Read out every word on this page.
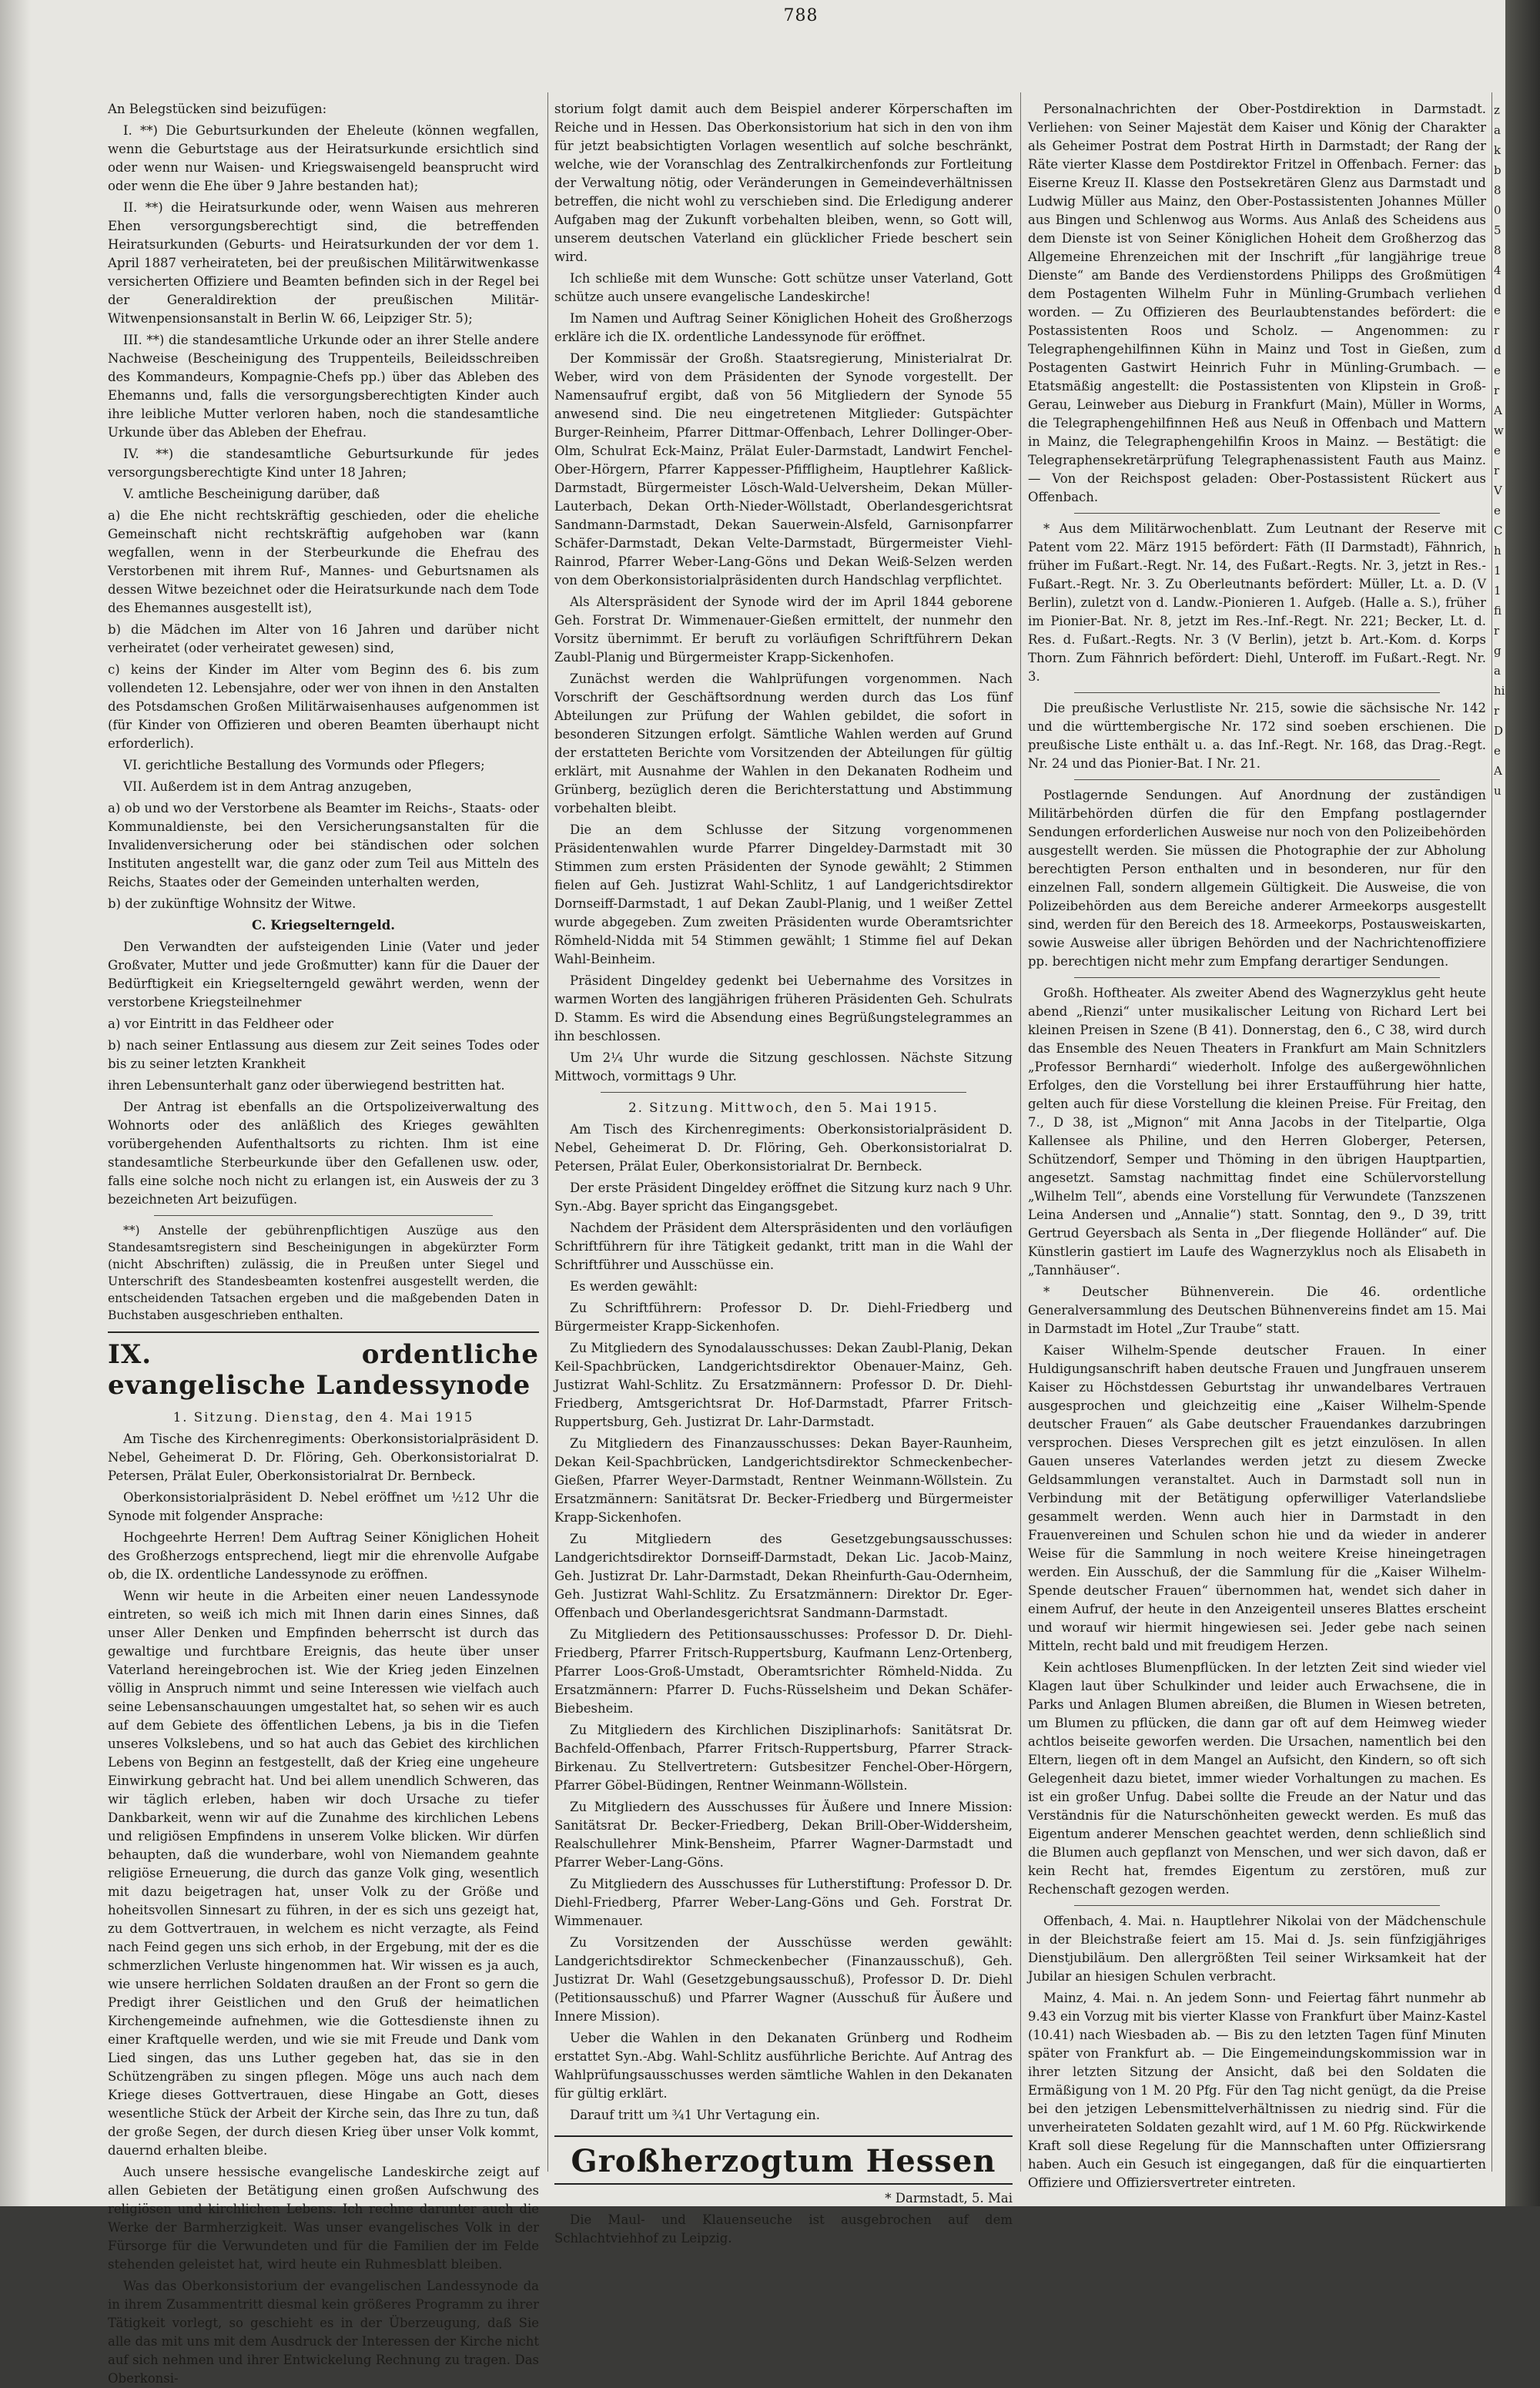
788

An Belegstücken sind beizufügen:

I. **) Die Geburtsurkunden der Eheleute (können wegfallen, wenn die Geburtstage aus der Heiratsurkunde ersichtlich sind oder wenn nur Waisen- und Kriegswaisengeld beansprucht wird oder wenn die Ehe über 9 Jahre bestanden hat);

II. **) die Heiratsurkunde oder, wenn Waisen aus mehreren Ehen versorgungsberechtigt sind, die betreffenden Heiratsurkunden (Geburts- und Heiratsurkunden der vor dem 1. April 1887 verheirateten, bei der preußischen Militärwitwenkasse versicherten Offiziere und Beamten befinden sich in der Regel bei der Generaldirektion der preußischen Militär-Witwenpensionsanstalt in Berlin W. 66, Leipziger Str. 5);

III. **) die standesamtliche Urkunde oder an ihrer Stelle andere Nachweise (Bescheinigung des Truppenteils, Beileidsschreiben des Kommandeurs, Kompagnie-Chefs pp.) über das Ableben des Ehemanns und, falls die versorgungsberechtigten Kinder auch ihre leibliche Mutter verloren haben, noch die standesamtliche Urkunde über das Ableben der Ehefrau.

IV. **) die standesamtliche Geburtsurkunde für jedes versorgungsberechtigte Kind unter 18 Jahren;

V. amtliche Bescheinigung darüber, daß

a) die Ehe nicht rechtskräftig geschieden, oder die eheliche Gemeinschaft nicht rechtskräftig aufgehoben war (kann wegfallen, wenn in der Sterbeurkunde die Ehefrau des Verstorbenen mit ihrem Ruf-, Mannes- und Geburtsnamen als dessen Witwe bezeichnet oder die Heiratsurkunde nach dem Tode des Ehemannes ausgestellt ist),

b) die Mädchen im Alter von 16 Jahren und darüber nicht verheiratet (oder verheiratet gewesen) sind,

c) keins der Kinder im Alter vom Beginn des 6. bis zum vollendeten 12. Lebensjahre, oder wer von ihnen in den Anstalten des Potsdamschen Großen Militärwaisenhauses aufgenommen ist (für Kinder von Offizieren und oberen Beamten überhaupt nicht erforderlich).

VI. gerichtliche Bestallung des Vormunds oder Pflegers;

VII. Außerdem ist in dem Antrag anzugeben,

a) ob und wo der Verstorbene als Beamter im Reichs-, Staats- oder Kommunaldienste, bei den Versicherungsanstalten für die Invalidenversicherung oder bei ständischen oder solchen Instituten angestellt war, die ganz oder zum Teil aus Mitteln des Reichs, Staates oder der Gemeinden unterhalten werden,

b) der zukünftige Wohnsitz der Witwe.

C. Kriegselterngeld.

Den Verwandten der aufsteigenden Linie (Vater und jeder Großvater, Mutter und jede Großmutter) kann für die Dauer der Bedürftigkeit ein Kriegselterngeld gewährt werden, wenn der verstorbene Kriegsteilnehmer

a) vor Eintritt in das Feldheer oder

b) nach seiner Entlassung aus diesem zur Zeit seines Todes oder bis zu seiner letzten Krankheit

ihren Lebensunterhalt ganz oder überwiegend bestritten hat.

Der Antrag ist ebenfalls an die Ortspolizeiverwaltung des Wohnorts oder des anläßlich des Krieges gewählten vorübergehenden Aufenthaltsorts zu richten. Ihm ist eine standesamtliche Sterbeurkunde über den Gefallenen usw. oder, falls eine solche noch nicht zu erlangen ist, ein Ausweis der zu 3 bezeichneten Art beizufügen.

**) Anstelle der gebührenpflichtigen Auszüge aus den Standesamtsregistern sind Bescheinigungen in abgekürzter Form (nicht Abschriften) zulässig, die in Preußen unter Siegel und Unterschrift des Standesbeamten kostenfrei ausgestellt werden, die entscheidenden Tatsachen ergeben und die maßgebenden Daten in Buchstaben ausgeschrieben enthalten.

IX. ordentliche evangelische Landessynode

1. Sitzung. Dienstag, den 4. Mai 1915

Am Tische des Kirchenregiments: Oberkonsistorialpräsident D. Nebel, Geheimerat D. Dr. Flöring, Geh. Oberkonsistorialrat D. Petersen, Prälat Euler, Oberkonsistorialrat Dr. Bernbeck.

Oberkonsistorialpräsident D. Nebel eröffnet um ½12 Uhr die Synode mit folgender Ansprache:

Hochgeehrte Herren! Dem Auftrag Seiner Königlichen Hoheit des Großherzogs entsprechend, liegt mir die ehrenvolle Aufgabe ob, die IX. ordentliche Landessynode zu eröffnen.

Wenn wir heute in die Arbeiten einer neuen Landessynode eintreten, so weiß ich mich mit Ihnen darin eines Sinnes, daß unser Aller Denken und Empfinden beherrscht ist durch das gewaltige und furchtbare Ereignis, das heute über unser Vaterland hereingebrochen ist. Wie der Krieg jeden Einzelnen völlig in Anspruch nimmt und seine Interessen wie vielfach auch seine Lebensanschauungen umgestaltet hat, so sehen wir es auch auf dem Gebiete des öffentlichen Lebens, ja bis in die Tiefen unseres Volkslebens, und so hat auch das Gebiet des kirchlichen Lebens von Beginn an festgestellt, daß der Krieg eine ungeheure Einwirkung gebracht hat. Und bei allem unendlich Schweren, das wir täglich erleben, haben wir doch Ursache zu tiefer Dankbarkeit, wenn wir auf die Zunahme des kirchlichen Lebens und religiösen Empfindens in unserem Volke blicken. Wir dürfen behaupten, daß die wunderbare, wohl von Niemandem geahnte religiöse Erneuerung, die durch das ganze Volk ging, wesentlich mit dazu beigetragen hat, unser Volk zu der Größe und hoheitsvollen Sinnesart zu führen, in der es sich uns gezeigt hat, zu dem Gottvertrauen, in welchem es nicht verzagte, als Feind nach Feind gegen uns sich erhob, in der Ergebung, mit der es die schmerzlichen Verluste hingenommen hat. Wir wissen es ja auch, wie unsere herrlichen Soldaten draußen an der Front so gern die Predigt ihrer Geistlichen und den Gruß der heimatlichen Kirchengemeinde aufnehmen, wie die Gottesdienste ihnen zu einer Kraftquelle werden, und wie sie mit Freude und Dank vom Lied singen, das uns Luther gegeben hat, das sie in den Schützengräben zu singen pflegen. Möge uns auch nach dem Kriege dieses Gottvertrauen, diese Hingabe an Gott, dieses wesentliche Stück der Arbeit der Kirche sein, das Ihre zu tun, daß der große Segen, der durch diesen Krieg über unser Volk kommt, dauernd erhalten bleibe.

Auch unsere hessische evangelische Landeskirche zeigt auf allen Gebieten der Betätigung einen großen Aufschwung des religiösen und kirchlichen Lebens. Ich rechne darunter auch die Werke der Barmherzigkeit. Was unser evangelisches Volk in der Fürsorge für die Verwundeten und für die Familien der im Felde stehenden geleistet hat, wird heute ein Ruhmesblatt bleiben.

Was das Oberkonsistorium der evangelischen Landessynode da in ihrem Zusammentritt diesmal kein größeres Programm zu ihrer Tätigkeit vorlegt, so geschieht es in der Überzeugung, daß Sie alle das mit uns mit dem Ausdruck der Interessen der Kirche nicht auf sich nehmen und ihrer Entwickelung Rechnung zu tragen. Das Oberkonsi-

storium folgt damit auch dem Beispiel anderer Körperschaften im Reiche und in Hessen. Das Oberkonsistorium hat sich in den von ihm für jetzt beabsichtigten Vorlagen wesentlich auf solche beschränkt, welche, wie der Voranschlag des Zentralkirchenfonds zur Fortleitung der Verwaltung nötig, oder Veränderungen in Gemeindeverhältnissen betreffen, die nicht wohl zu verschieben sind. Die Erledigung anderer Aufgaben mag der Zukunft vorbehalten bleiben, wenn, so Gott will, unserem deutschen Vaterland ein glücklicher Friede beschert sein wird.

Ich schließe mit dem Wunsche: Gott schütze unser Vaterland, Gott schütze auch unsere evangelische Landeskirche!

Im Namen und Auftrag Seiner Königlichen Hoheit des Großherzogs erkläre ich die IX. ordentliche Landessynode für eröffnet.

Der Kommissär der Großh. Staatsregierung, Ministerialrat Dr. Weber, wird von dem Präsidenten der Synode vorgestellt. Der Namensaufruf ergibt, daß von 56 Mitgliedern der Synode 55 anwesend sind. Die neu eingetretenen Mitglieder: Gutspächter Burger-Reinheim, Pfarrer Dittmar-Offenbach, Lehrer Dollinger-Ober-Olm, Schulrat Eck-Mainz, Prälat Euler-Darmstadt, Landwirt Fenchel-Ober-Hörgern, Pfarrer Kappesser-Pfiffligheim, Hauptlehrer Kaßlick-Darmstadt, Bürgermeister Lösch-Wald-Uelversheim, Dekan Müller-Lauterbach, Dekan Orth-Nieder-Wöllstadt, Oberlandesgerichtsrat Sandmann-Darmstadt, Dekan Sauerwein-Alsfeld, Garnisonpfarrer Schäfer-Darmstadt, Dekan Velte-Darmstadt, Bürgermeister Viehl-Rainrod, Pfarrer Weber-Lang-Göns und Dekan Weiß-Selzen werden von dem Oberkonsistorialpräsidenten durch Handschlag verpflichtet.

Als Alterspräsident der Synode wird der im April 1844 geborene Geh. Forstrat Dr. Wimmenauer-Gießen ermittelt, der nunmehr den Vorsitz übernimmt. Er beruft zu vorläufigen Schriftführern Dekan Zaubl-Planig und Bürgermeister Krapp-Sickenhofen.

Zunächst werden die Wahlprüfungen vorgenommen. Nach Vorschrift der Geschäftsordnung werden durch das Los fünf Abteilungen zur Prüfung der Wahlen gebildet, die sofort in besonderen Sitzungen erfolgt. Sämtliche Wahlen werden auf Grund der erstatteten Berichte vom Vorsitzenden der Abteilungen für gültig erklärt, mit Ausnahme der Wahlen in den Dekanaten Rodheim und Grünberg, bezüglich deren die Berichterstattung und Abstimmung vorbehalten bleibt.

Die an dem Schlusse der Sitzung vorgenommenen Präsidentenwahlen wurde Pfarrer Dingeldey-Darmstadt mit 30 Stimmen zum ersten Präsidenten der Synode gewählt; 2 Stimmen fielen auf Geh. Justizrat Wahl-Schlitz, 1 auf Landgerichtsdirektor Dornseiff-Darmstadt, 1 auf Dekan Zaubl-Planig, und 1 weißer Zettel wurde abgegeben. Zum zweiten Präsidenten wurde Oberamtsrichter Römheld-Nidda mit 54 Stimmen gewählt; 1 Stimme fiel auf Dekan Wahl-Beinheim.

Präsident Dingeldey gedenkt bei Uebernahme des Vorsitzes in warmen Worten des langjährigen früheren Präsidenten Geh. Schulrats D. Stamm. Es wird die Absendung eines Begrüßungstelegrammes an ihn beschlossen.

Um 2¼ Uhr wurde die Sitzung geschlossen. Nächste Sitzung Mittwoch, vormittags 9 Uhr.

2. Sitzung. Mittwoch, den 5. Mai 1915.

Am Tisch des Kirchenregiments: Oberkonsistorialpräsident D. Nebel, Geheimerat D. Dr. Flöring, Geh. Oberkonsistorialrat D. Petersen, Prälat Euler, Oberkonsistorialrat Dr. Bernbeck.

Der erste Präsident Dingeldey eröffnet die Sitzung kurz nach 9 Uhr. Syn.-Abg. Bayer spricht das Eingangsgebet.

Nachdem der Präsident dem Alterspräsidenten und den vorläufigen Schriftführern für ihre Tätigkeit gedankt, tritt man in die Wahl der Schriftführer und Ausschüsse ein.

Es werden gewählt:

Zu Schriftführern: Professor D. Dr. Diehl-Friedberg und Bürgermeister Krapp-Sickenhofen.

Zu Mitgliedern des Synodalausschusses: Dekan Zaubl-Planig, Dekan Keil-Spachbrücken, Landgerichtsdirektor Obenauer-Mainz, Geh. Justizrat Wahl-Schlitz. Zu Ersatzmännern: Professor D. Dr. Diehl-Friedberg, Amtsgerichtsrat Dr. Hof-Darmstadt, Pfarrer Fritsch-Ruppertsburg, Geh. Justizrat Dr. Lahr-Darmstadt.

Zu Mitgliedern des Finanzausschusses: Dekan Bayer-Raunheim, Dekan Keil-Spachbrücken, Landgerichtsdirektor Schmeckenbecher-Gießen, Pfarrer Weyer-Darmstadt, Rentner Weinmann-Wöllstein. Zu Ersatzmännern: Sanitätsrat Dr. Becker-Friedberg und Bürgermeister Krapp-Sickenhofen.

Zu Mitgliedern des Gesetzgebungsausschusses: Landgerichtsdirektor Dornseiff-Darmstadt, Dekan Lic. Jacob-Mainz, Geh. Justizrat Dr. Lahr-Darmstadt, Dekan Rheinfurth-Gau-Odernheim, Geh. Justizrat Wahl-Schlitz. Zu Ersatzmännern: Direktor Dr. Eger-Offenbach und Oberlandesgerichtsrat Sandmann-Darmstadt.

Zu Mitgliedern des Petitionsausschusses: Professor D. Dr. Diehl-Friedberg, Pfarrer Fritsch-Ruppertsburg, Kaufmann Lenz-Ortenberg, Pfarrer Loos-Groß-Umstadt, Oberamtsrichter Römheld-Nidda. Zu Ersatzmännern: Pfarrer D. Fuchs-Rüsselsheim und Dekan Schäfer-Biebesheim.

Zu Mitgliedern des Kirchlichen Disziplinarhofs: Sanitätsrat Dr. Bachfeld-Offenbach, Pfarrer Fritsch-Ruppertsburg, Pfarrer Strack-Birkenau. Zu Stellvertretern: Gutsbesitzer Fenchel-Ober-Hörgern, Pfarrer Göbel-Büdingen, Rentner Weinmann-Wöllstein.

Zu Mitgliedern des Ausschusses für Äußere und Innere Mission: Sanitätsrat Dr. Becker-Friedberg, Dekan Brill-Ober-Widdersheim, Realschullehrer Mink-Bensheim, Pfarrer Wagner-Darmstadt und Pfarrer Weber-Lang-Göns.

Zu Mitgliedern des Ausschusses für Lutherstiftung: Professor D. Dr. Diehl-Friedberg, Pfarrer Weber-Lang-Göns und Geh. Forstrat Dr. Wimmenauer.

Zu Vorsitzenden der Ausschüsse werden gewählt: Landgerichtsdirektor Schmeckenbecher (Finanzausschuß), Geh. Justizrat Dr. Wahl (Gesetzgebungsausschuß), Professor D. Dr. Diehl (Petitionsausschuß) und Pfarrer Wagner (Ausschuß für Äußere und Innere Mission).

Ueber die Wahlen in den Dekanaten Grünberg und Rodheim erstattet Syn.-Abg. Wahl-Schlitz ausführliche Berichte. Auf Antrag des Wahlprüfungsausschusses werden sämtliche Wahlen in den Dekanaten für gültig erklärt.

Darauf tritt um ¾1 Uhr Vertagung ein.

Großherzogtum Hessen

* Darmstadt, 5. Mai

Die Maul- und Klauenseuche ist ausgebrochen auf dem Schlachtviehhof zu Leipzig.

Personalnachrichten der Ober-Postdirektion in Darmstadt. Verliehen: von Seiner Majestät dem Kaiser und König der Charakter als Geheimer Postrat dem Postrat Hirth in Darmstadt; der Rang der Räte vierter Klasse dem Postdirektor Fritzel in Offenbach. Ferner: das Eiserne Kreuz II. Klasse den Postsekretären Glenz aus Darmstadt und Ludwig Müller aus Mainz, den Ober-Postassistenten Johannes Müller aus Bingen und Schlenwog aus Worms. Aus Anlaß des Scheidens aus dem Dienste ist von Seiner Königlichen Hoheit dem Großherzog das Allgemeine Ehrenzeichen mit der Inschrift „für langjährige treue Dienste“ am Bande des Verdienstordens Philipps des Großmütigen dem Postagenten Wilhelm Fuhr in Münling-Grumbach verliehen worden. — Zu Offizieren des Beurlaubtenstandes befördert: die Postassistenten Roos und Scholz. — Angenommen: zu Telegraphengehilfinnen Kühn in Mainz und Tost in Gießen, zum Postagenten Gastwirt Heinrich Fuhr in Münling-Grumbach. — Etatsmäßig angestellt: die Postassistenten von Klipstein in Groß-Gerau, Leinweber aus Dieburg in Frankfurt (Main), Müller in Worms, die Telegraphengehilfinnen Heß aus Neuß in Offenbach und Mattern in Mainz, die Telegraphengehilfin Kroos in Mainz. — Bestätigt: die Telegraphensekretärprüfung Telegraphenassistent Fauth aus Mainz. — Von der Reichspost geladen: Ober-Postassistent Rückert aus Offenbach.

* Aus dem Militärwochenblatt. Zum Leutnant der Reserve mit Patent vom 22. März 1915 befördert: Fäth (II Darmstadt), Fähnrich, früher im Fußart.-Regt. Nr. 14, des Fußart.-Regts. Nr. 3, jetzt in Res.-Fußart.-Regt. Nr. 3. Zu Oberleutnants befördert: Müller, Lt. a. D. (V Berlin), zuletzt von d. Landw.-Pionieren 1. Aufgeb. (Halle a. S.), früher im Pionier-Bat. Nr. 8, jetzt im Res.-Inf.-Regt. Nr. 221; Becker, Lt. d. Res. d. Fußart.-Regts. Nr. 3 (V Berlin), jetzt b. Art.-Kom. d. Korps Thorn. Zum Fähnrich befördert: Diehl, Unteroff. im Fußart.-Regt. Nr. 3.

Die preußische Verlustliste Nr. 215, sowie die sächsische Nr. 142 und die württembergische Nr. 172 sind soeben erschienen. Die preußische Liste enthält u. a. das Inf.-Regt. Nr. 168, das Drag.-Regt. Nr. 24 und das Pionier-Bat. I Nr. 21.

Postlagernde Sendungen. Auf Anordnung der zuständigen Militärbehörden dürfen die für den Empfang postlagernder Sendungen erforderlichen Ausweise nur noch von den Polizeibehörden ausgestellt werden. Sie müssen die Photographie der zur Abholung berechtigten Person enthalten und in besonderen, nur für den einzelnen Fall, sondern allgemein Gültigkeit. Die Ausweise, die von Polizeibehörden aus dem Bereiche anderer Armeekorps ausgestellt sind, werden für den Bereich des 18. Armeekorps, Postausweiskarten, sowie Ausweise aller übrigen Behörden und der Nachrichtenoffiziere pp. berechtigen nicht mehr zum Empfang derartiger Sendungen.

Großh. Hoftheater. Als zweiter Abend des Wagnerzyklus geht heute abend „Rienzi“ unter musikalischer Leitung von Richard Lert bei kleinen Preisen in Szene (B 41). Donnerstag, den 6., C 38, wird durch das Ensemble des Neuen Theaters in Frankfurt am Main Schnitzlers „Professor Bernhardi“ wiederholt. Infolge des außergewöhnlichen Erfolges, den die Vorstellung bei ihrer Erstaufführung hier hatte, gelten auch für diese Vorstellung die kleinen Preise. Für Freitag, den 7., D 38, ist „Mignon“ mit Anna Jacobs in der Titelpartie, Olga Kallensee als Philine, und den Herren Globerger, Petersen, Schützendorf, Semper und Thöming in den übrigen Hauptpartien, angesetzt. Samstag nachmittag findet eine Schülervorstellung „Wilhelm Tell“, abends eine Vorstellung für Verwundete (Tanzszenen Leina Andersen und „Annalie“) statt. Sonntag, den 9., D 39, tritt Gertrud Geyersbach als Senta in „Der fliegende Holländer“ auf. Die Künstlerin gastiert im Laufe des Wagnerzyklus noch als Elisabeth in „Tannhäuser“.

* Deutscher Bühnenverein. Die 46. ordentliche Generalversammlung des Deutschen Bühnenvereins findet am 15. Mai in Darmstadt im Hotel „Zur Traube“ statt.

Kaiser Wilhelm-Spende deutscher Frauen. In einer Huldigungsanschrift haben deutsche Frauen und Jungfrauen unserem Kaiser zu Höchstdessen Geburtstag ihr unwandelbares Vertrauen ausgesprochen und gleichzeitig eine „Kaiser Wilhelm-Spende deutscher Frauen“ als Gabe deutscher Frauendankes darzubringen versprochen. Dieses Versprechen gilt es jetzt einzulösen. In allen Gauen unseres Vaterlandes werden jetzt zu diesem Zwecke Geldsammlungen veranstaltet. Auch in Darmstadt soll nun in Verbindung mit der Betätigung opferwilliger Vaterlandsliebe gesammelt werden. Wenn auch hier in Darmstadt in den Frauenvereinen und Schulen schon hie und da wieder in anderer Weise für die Sammlung in noch weitere Kreise hineingetragen werden. Ein Ausschuß, der die Sammlung für die „Kaiser Wilhelm-Spende deutscher Frauen“ übernommen hat, wendet sich daher in einem Aufruf, der heute in den Anzeigenteil unseres Blattes erscheint und worauf wir hiermit hingewiesen sei. Jeder gebe nach seinen Mitteln, recht bald und mit freudigem Herzen.

Kein achtloses Blumenpflücken. In der letzten Zeit sind wieder viel Klagen laut über Schulkinder und leider auch Erwachsene, die in Parks und Anlagen Blumen abreißen, die Blumen in Wiesen betreten, um Blumen zu pflücken, die dann gar oft auf dem Heimweg wieder achtlos beiseite geworfen werden. Die Ursachen, namentlich bei den Eltern, liegen oft in dem Mangel an Aufsicht, den Kindern, so oft sich Gelegenheit dazu bietet, immer wieder Vorhaltungen zu machen. Es ist ein großer Unfug. Dabei sollte die Freude an der Natur und das Verständnis für die Naturschönheiten geweckt werden. Es muß das Eigentum anderer Menschen geachtet werden, denn schließlich sind die Blumen auch gepflanzt von Menschen, und wer sich davon, daß er kein Recht hat, fremdes Eigentum zu zerstören, muß zur Rechenschaft gezogen werden.

Offenbach, 4. Mai. n. Hauptlehrer Nikolai von der Mädchenschule in der Bleichstraße feiert am 15. Mai d. Js. sein fünfzigjähriges Dienstjubiläum. Den allergrößten Teil seiner Wirksamkeit hat der Jubilar an hiesigen Schulen verbracht.

Mainz, 4. Mai. n. An jedem Sonn- und Feiertag fährt nunmehr ab 9.43 ein Vorzug mit bis vierter Klasse von Frankfurt über Mainz-Kastel (10.41) nach Wiesbaden ab. — Bis zu den letzten Tagen fünf Minuten später von Frankfurt ab. — Die Eingemeindungskommission war in ihrer letzten Sitzung der Ansicht, daß bei den Soldaten die Ermäßigung von 1 M. 20 Pfg. Für den Tag nicht genügt, da die Preise bei den jetzigen Lebensmittelverhältnissen zu niedrig sind. Für die unverheirateten Soldaten gezahlt wird, auf 1 M. 60 Pfg. Rückwirkende Kraft soll diese Regelung für die Mannschaften unter Offiziersrang haben. Auch ein Gesuch ist eingegangen, daß für die einquartierten Offiziere und Offiziersvertreter eintreten.

zak b 80 5 84 der der A wer Ve Ch 11 fir ga hir De Au
